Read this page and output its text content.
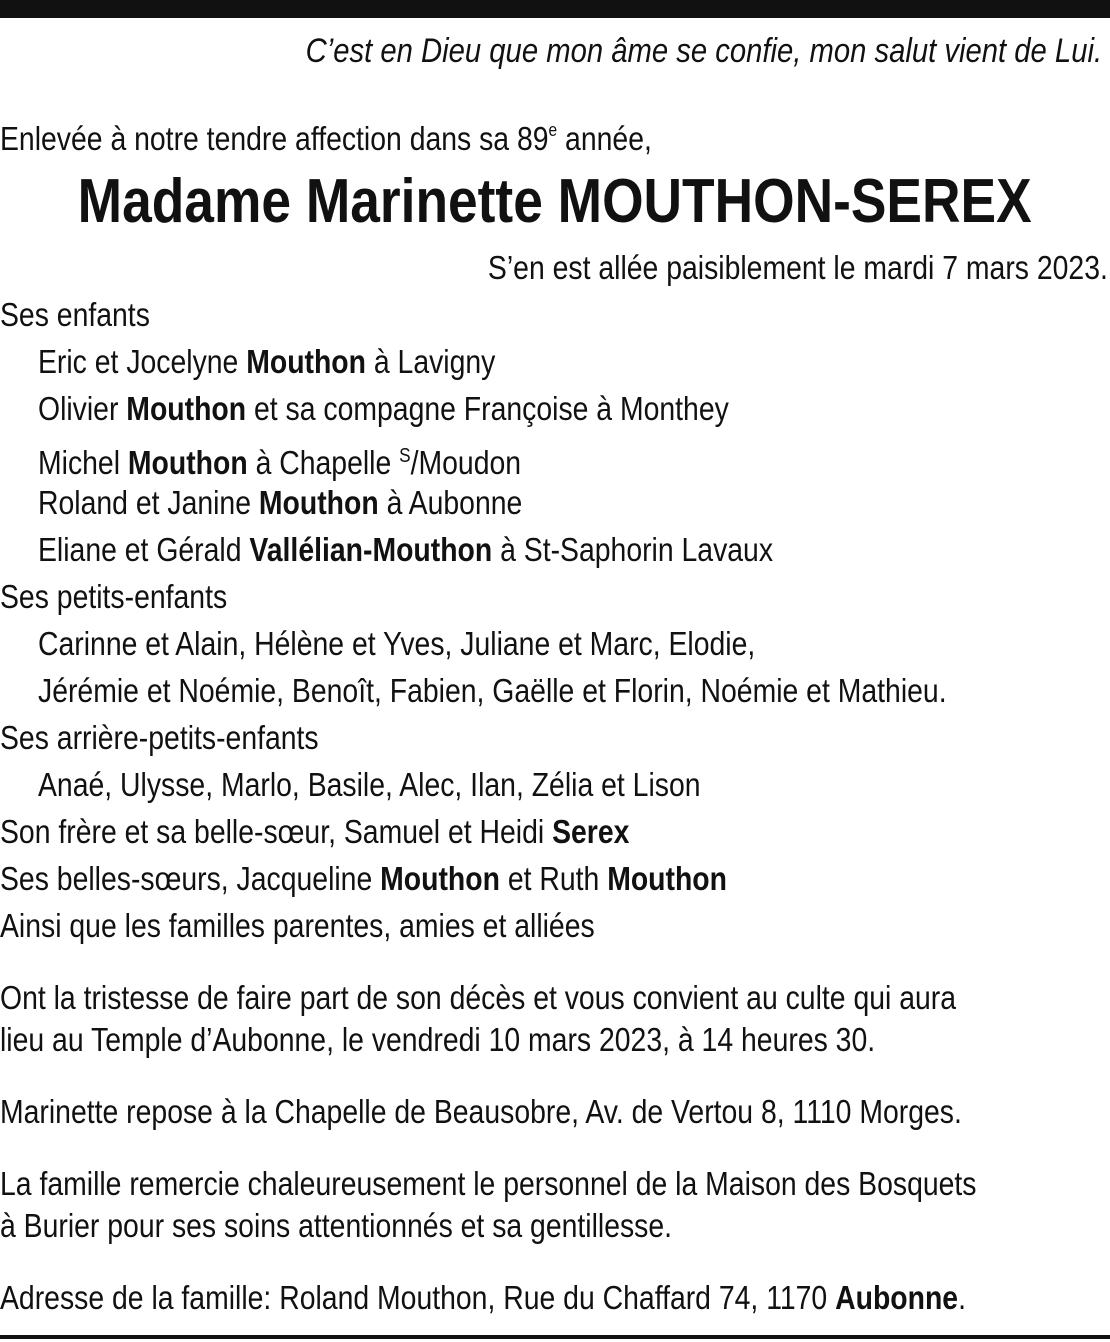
C’est en Dieu que mon âme se confie, mon salut vient de Lui.
Enlevée à notre tendre affection dans sa 89e année,
Madame Marinette MOUTHON-SEREX
S’en est allée paisiblement le mardi 7 mars 2023.
Ses enfants
Eric et Jocelyne Mouthon à Lavigny
Olivier Mouthon et sa compagne Françoise à Monthey
Michel Mouthon à Chapelle $^S$/Moudon
Roland et Janine Mouthon à Aubonne
Eliane et Gérald Vallélian-Mouthon à St-Saphorin Lavaux
Ses petits-enfants
Carinne et Alain, Hélène et Yves, Juliane et Marc, Elodie,
Jérémie et Noémie, Benoît, Fabien, Gaëlle et Florin, Noémie et Mathieu.
Ses arrière-petits-enfants
Anaé, Ulysse, Marlo, Basile, Alec, Ilan, Zélia et Lison
Son frère et sa belle-sœur, Samuel et Heidi Serex
Ses belles-sœurs, Jacqueline Mouthon et Ruth Mouthon
Ainsi que les familles parentes, amies et alliées
Ont la tristesse de faire part de son décès et vous convient au culte qui aura
lieu au Temple d’Aubonne, le vendredi 10 mars 2023, à 14 heures 30.
Marinette repose à la Chapelle de Beausobre, Av. de Vertou 8, 1110 Morges.
La famille remercie chaleureusement le personnel de la Maison des Bosquets
à Burier pour ses soins attentionnés et sa gentillesse.
Adresse de la famille: Roland Mouthon, Rue du Chaffard 74, 1170 Aubonne.
